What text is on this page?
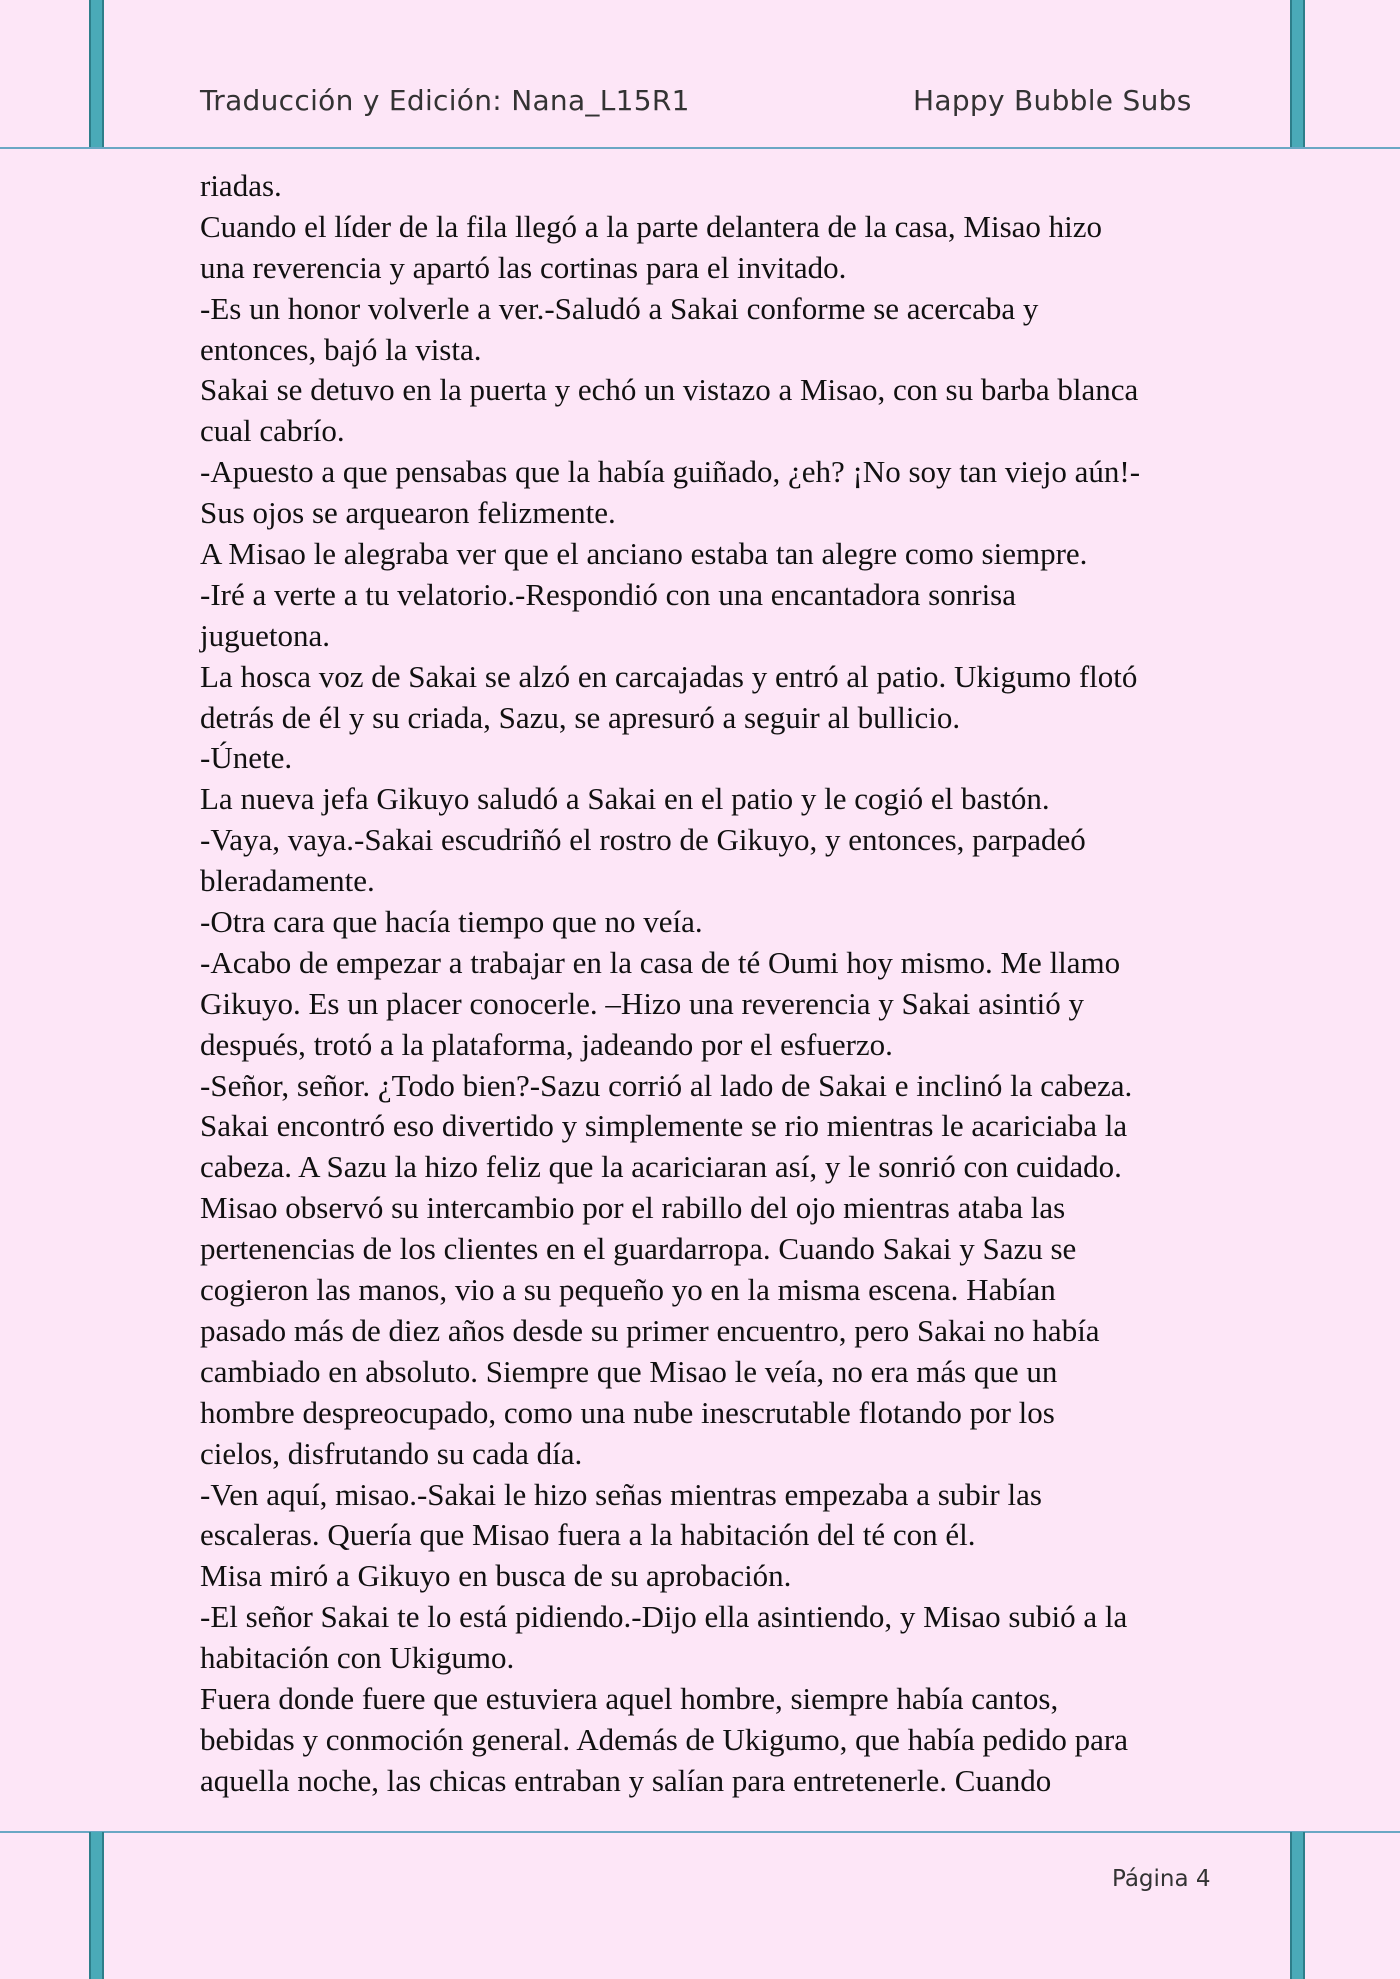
Traducción y Edición: Nana_L15R1	Happy Bubble Subs
riadas.
Cuando el líder de la fila llegó a la parte delantera de la casa, Misao hizo
una reverencia y apartó las cortinas para el invitado.
-Es un honor volverle a ver.-Saludó a Sakai conforme se acercaba y
entonces, bajó la vista.
Sakai se detuvo en la puerta y echó un vistazo a Misao, con su barba blanca
cual cabrío.
-Apuesto a que pensabas que la había guiñado, ¿eh? ¡No soy tan viejo aún!-
Sus ojos se arquearon felizmente.
A Misao le alegraba ver que el anciano estaba tan alegre como siempre.
-Iré a verte a tu velatorio.-Respondió con una encantadora sonrisa
juguetona.
La hosca voz de Sakai se alzó en carcajadas y entró al patio. Ukigumo flotó
detrás de él y su criada, Sazu, se apresuró a seguir al bullicio.
-Únete.
La nueva jefa Gikuyo saludó a Sakai en el patio y le cogió el bastón.
-Vaya, vaya.-Sakai escudriñó el rostro de Gikuyo, y entonces, parpadeó
bleradamente.
-Otra cara que hacía tiempo que no veía.
-Acabo de empezar a trabajar en la casa de té Oumi hoy mismo. Me llamo
Gikuyo. Es un placer conocerle. –Hizo una reverencia y Sakai asintió y
después, trotó a la plataforma, jadeando por el esfuerzo.
-Señor, señor. ¿Todo bien?-Sazu corrió al lado de Sakai e inclinó la cabeza.
Sakai encontró eso divertido y simplemente se rio mientras le acariciaba la
cabeza. A Sazu la hizo feliz que la acariciaran así, y le sonrió con cuidado.
Misao observó su intercambio por el rabillo del ojo mientras ataba las
pertenencias de los clientes en el guardarropa. Cuando Sakai y Sazu se
cogieron las manos, vio a su pequeño yo en la misma escena. Habían
pasado más de diez años desde su primer encuentro, pero Sakai no había
cambiado en absoluto. Siempre que Misao le veía, no era más que un
hombre despreocupado, como una nube inescrutable flotando por los
cielos, disfrutando su cada día.
-Ven aquí, misao.-Sakai le hizo señas mientras empezaba a subir las
escaleras. Quería que Misao fuera a la habitación del té con él.
Misa miró a Gikuyo en busca de su aprobación.
-El señor Sakai te lo está pidiendo.-Dijo ella asintiendo, y Misao subió a la
habitación con Ukigumo.
Fuera donde fuere que estuviera aquel hombre, siempre había cantos,
bebidas y conmoción general. Además de Ukigumo, que había pedido para
aquella noche, las chicas entraban y salían para entretenerle. Cuando
Página 4
